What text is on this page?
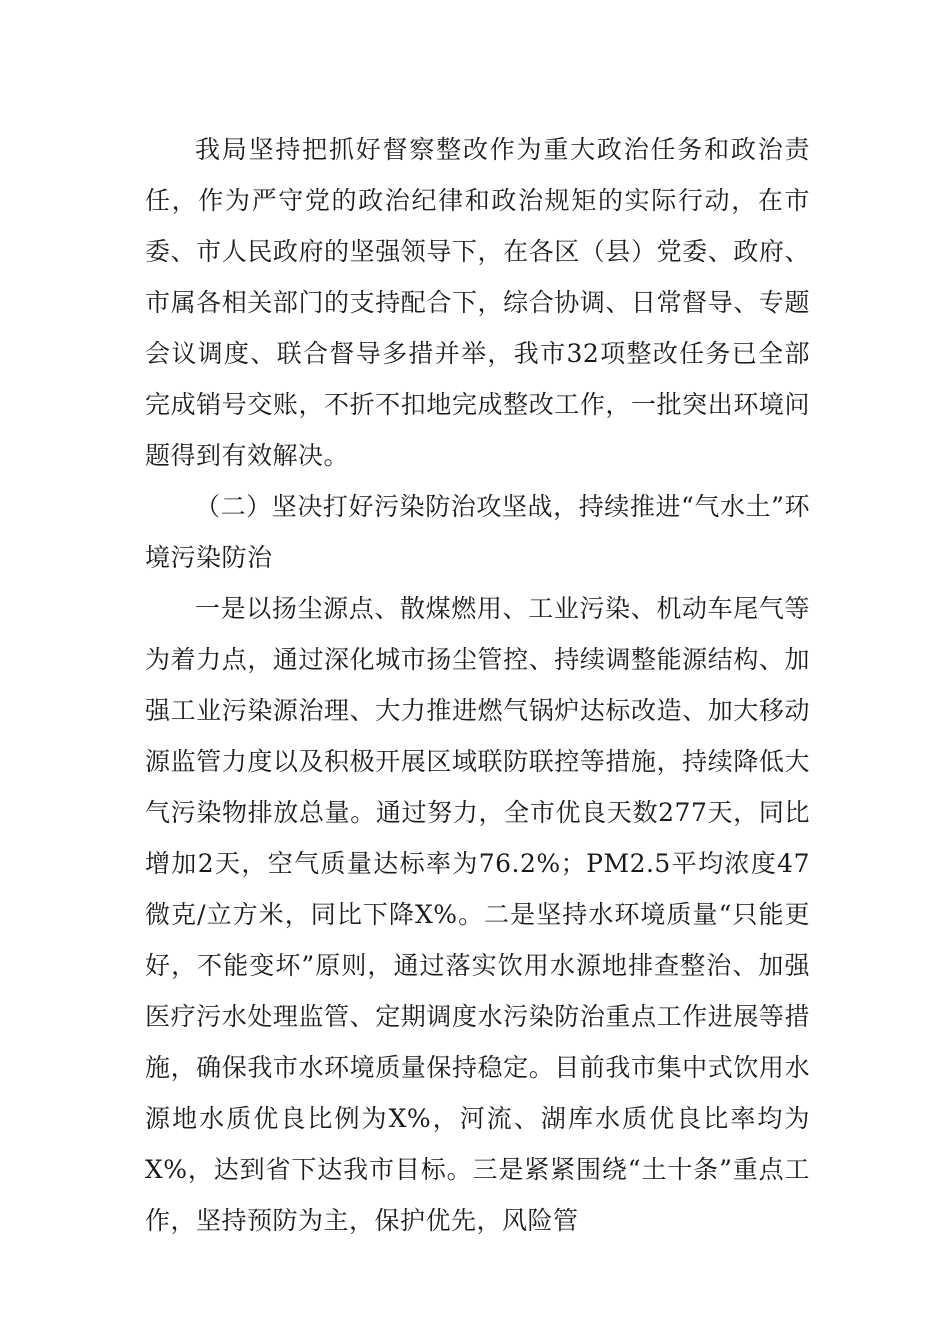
我局坚持把抓好督察整改作为重大政治任务和政治责任，作为严守党的政治纪律和政治规矩的实际行动，在市委、市人民政府的坚强领导下，在各区（县）党委、政府、市属各相关部门的支持配合下，综合协调、日常督导、专题会议调度、联合督导多措并举，我市32项整改任务已全部完成销号交账，不折不扣地完成整改工作，一批突出环境问题得到有效解决。

（二）坚决打好污染防治攻坚战，持续推进“气水土”环境污染防治

一是以扬尘源点、散煤燃用、工业污染、机动车尾气等为着力点，通过深化城市扬尘管控、持续调整能源结构、加强工业污染源治理、大力推进燃气锅炉达标改造、加大移动源监管力度以及积极开展区域联防联控等措施，持续降低大气污染物排放总量。通过努力，全市优良天数277天，同比增加2天，空气质量达标率为76.2%；PM2.5平均浓度47微克/立方米，同比下降X%。二是坚持水环境质量“只能更好，不能变坏”原则，通过落实饮用水源地排查整治、加强医疗污水处理监管、定期调度水污染防治重点工作进展等措施，确保我市水环境质量保持稳定。目前我市集中式饮用水源地水质优良比例为X%，河流、湖库水质优良比率均为X%，达到省下达我市目标。三是紧紧围绕“土十条”重点工作，坚持预防为主，保护优先，风险管
